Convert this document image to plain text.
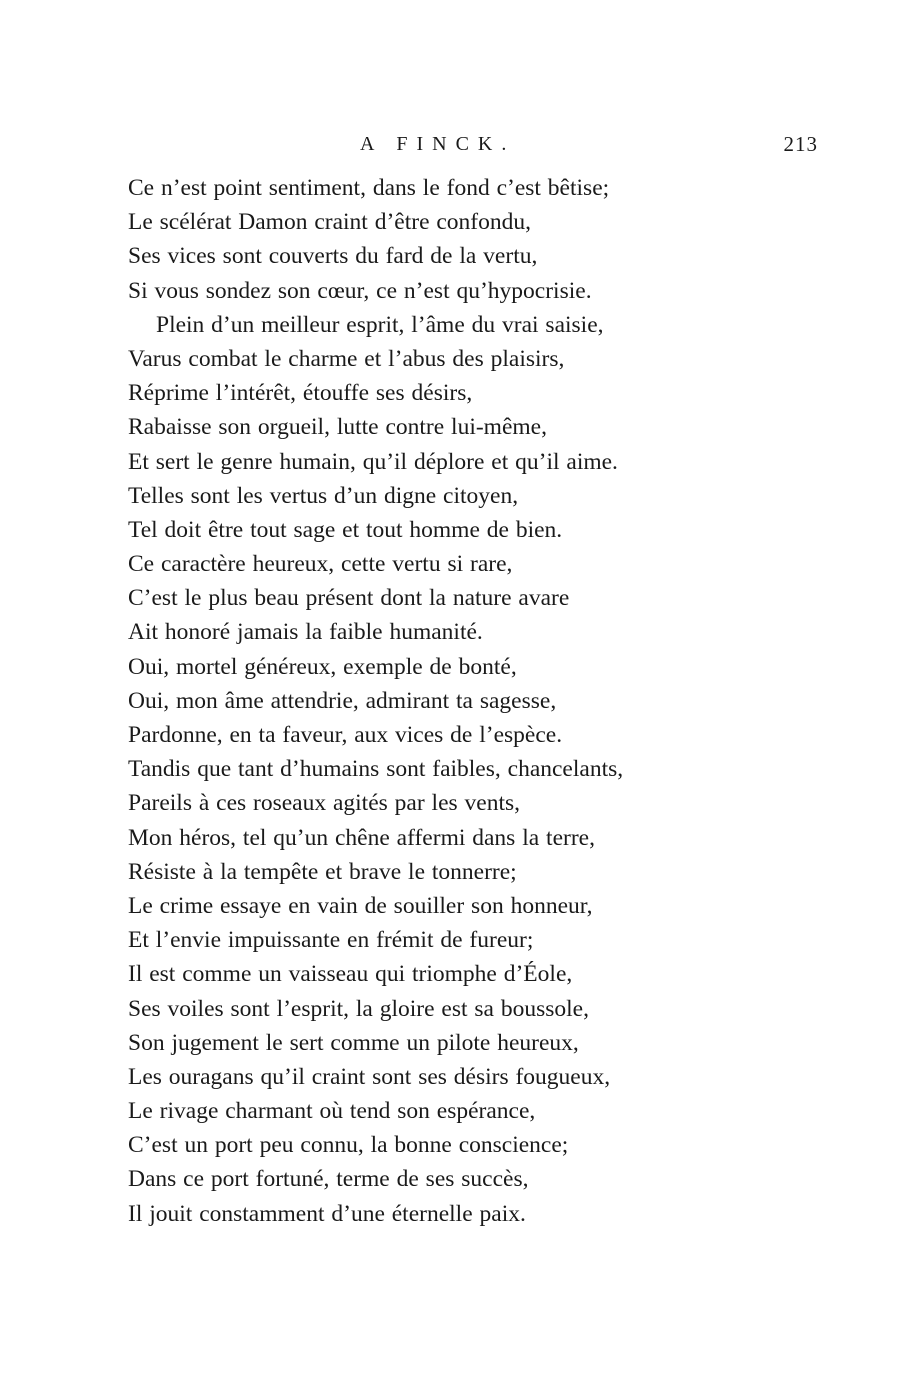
A FINCK.	213
Ce n’est point sentiment, dans le fond c’est bêtise;
Le scélérat Damon craint d’être confondu,
Ses vices sont couverts du fard de la vertu,
Si vous sondez son cœur, ce n’est qu’hypocrisie.
Plein d’un meilleur esprit, l’âme du vrai saisie,
Varus combat le charme et l’abus des plaisirs,
Réprime l’intérêt, étouffe ses désirs,
Rabaisse son orgueil, lutte contre lui-même,
Et sert le genre humain, qu’il déplore et qu’il aime.
Telles sont les vertus d’un digne citoyen,
Tel doit être tout sage et tout homme de bien.
Ce caractère heureux, cette vertu si rare,
C’est le plus beau présent dont la nature avare
Ait honoré jamais la faible humanité.
Oui, mortel généreux, exemple de bonté,
Oui, mon âme attendrie, admirant ta sagesse,
Pardonne, en ta faveur, aux vices de l’espèce.
Tandis que tant d’humains sont faibles, chancelants,
Pareils à ces roseaux agités par les vents,
Mon héros, tel qu’un chêne affermi dans la terre,
Résiste à la tempête et brave le tonnerre;
Le crime essaye en vain de souiller son honneur,
Et l’envie impuissante en frémit de fureur;
Il est comme un vaisseau qui triomphe d’Éole,
Ses voiles sont l’esprit, la gloire est sa boussole,
Son jugement le sert comme un pilote heureux,
Les ouragans qu’il craint sont ses désirs fougueux,
Le rivage charmant où tend son espérance,
C’est un port peu connu, la bonne conscience;
Dans ce port fortuné, terme de ses succès,
Il jouit constamment d’une éternelle paix.
